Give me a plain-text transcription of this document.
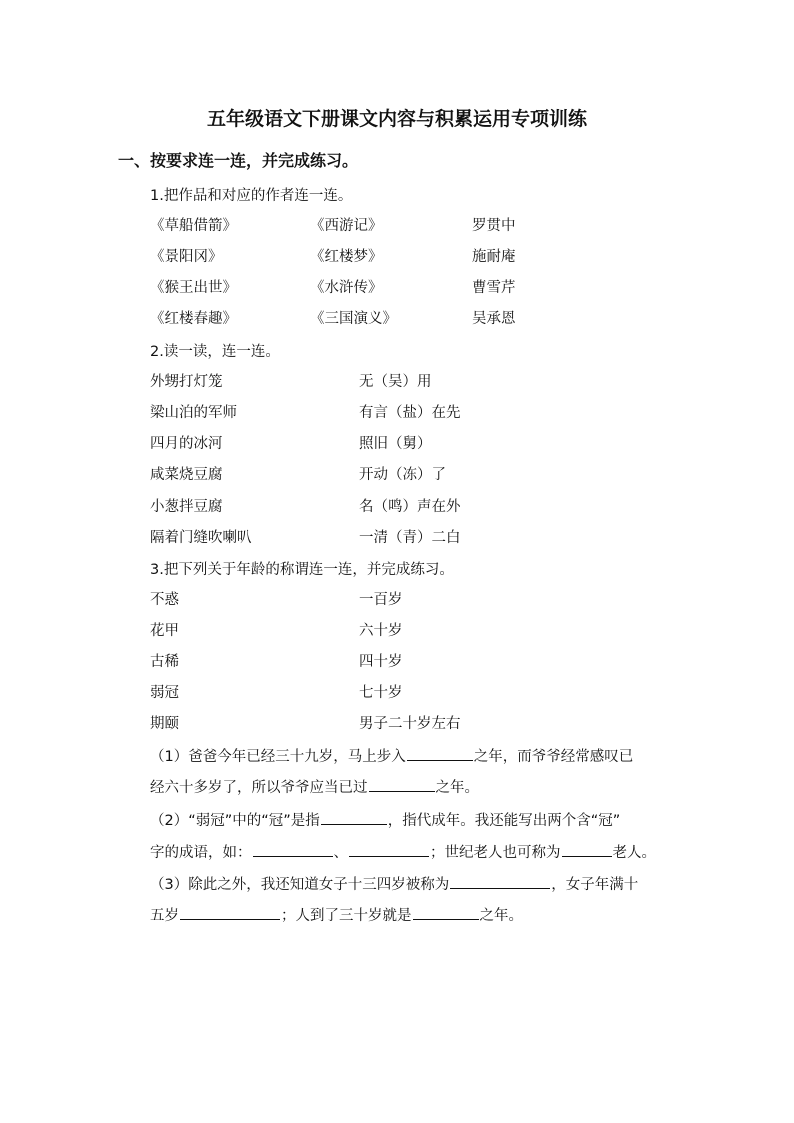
五年级语文下册课文内容与积累运用专项训练
一、按要求连一连，并完成练习。
1.把作品和对应的作者连一连。
《草船借箭》	《西游记》	罗贯中
《景阳冈》	《红楼梦》	施耐庵
《猴王出世》	《水浒传》	曹雪芹
《红楼春趣》	《三国演义》	吴承恩
2.读一读，连一连。
外甥打灯笼	无（吴）用
梁山泊的军师	有言（盐）在先
四月的冰河	照旧（舅）
咸菜烧豆腐	开动（冻）了
小葱拌豆腐	名（鸣）声在外
隔着门缝吹喇叭	一清（青）二白
3.把下列关于年龄的称谓连一连，并完成练习。
不惑	一百岁
花甲	六十岁
古稀	四十岁
弱冠	七十岁
期颐	男子二十岁左右
（1）爸爸今年已经三十九岁，马上步入	之年，而爷爷经常感叹已
经六十多岁了，所以爷爷应当已过	之年。
（2）“弱冠”中的“冠”是指	，指代成年。我还能写出两个含“冠”
字的成语，如：	、	；世纪老人也可称为	老人。
（3）除此之外，我还知道女子十三四岁被称为	，女子年满十
五岁	；人到了三十岁就是	之年。
